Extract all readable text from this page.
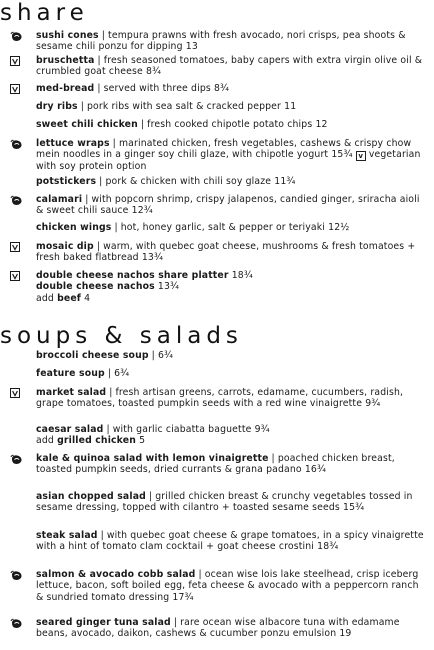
share
sushi cones | tempura prawns with fresh avocado, nori crisps, pea shoots & sesame chili ponzu for dipping 13
bruschetta | fresh seasoned tomatoes, baby capers with extra virgin olive oil & crumbled goat cheese 8¾
med-bread | served with three dips 8¾
dry ribs | pork ribs with sea salt & cracked pepper 11
sweet chili chicken | fresh cooked chipotle potato chips 12
lettuce wraps | marinated chicken, fresh vegetables, cashews & crispy chow mein noodles in a ginger soy chili glaze, with chipotle yogurt 15¾ v vegetarian with soy protein option
potstickers | pork & chicken with chili soy glaze 11¾
calamari | with popcorn shrimp, crispy jalapenos, candied ginger, sriracha aioli & sweet chili sauce 12¾
chicken wings | hot, honey garlic, salt & pepper or teriyaki 12½
mosaic dip | warm, with quebec goat cheese, mushrooms & fresh tomatoes + fresh baked flatbread 13¾
double cheese nachos share platter 18¾
double cheese nachos 13¾
add beef 4
soups & salads
broccoli cheese soup | 6¾
feature soup | 6¾
market salad | fresh artisan greens, carrots, edamame, cucumbers, radish, grape tomatoes, toasted pumpkin seeds with a red wine vinaigrette 9¾
caesar salad | with garlic ciabatta baguette 9¾
add grilled chicken 5
kale & quinoa salad with lemon vinaigrette | poached chicken breast, toasted pumpkin seeds, dried currants & grana padano 16¾
asian chopped salad | grilled chicken breast & crunchy vegetables tossed in sesame dressing, topped with cilantro + toasted sesame seeds 15¾
steak salad | with quebec goat cheese & grape tomatoes, in a spicy vinaigrette with a hint of tomato clam cocktail + goat cheese crostini 18¾
salmon & avocado cobb salad | ocean wise lois lake steelhead, crisp iceberg lettuce, bacon, soft boiled egg, feta cheese & avocado with a peppercorn ranch & sundried tomato dressing 17¾
seared ginger tuna salad | rare ocean wise albacore tuna with edamame beans, avocado, daikon, cashews & cucumber ponzu emulsion 19
